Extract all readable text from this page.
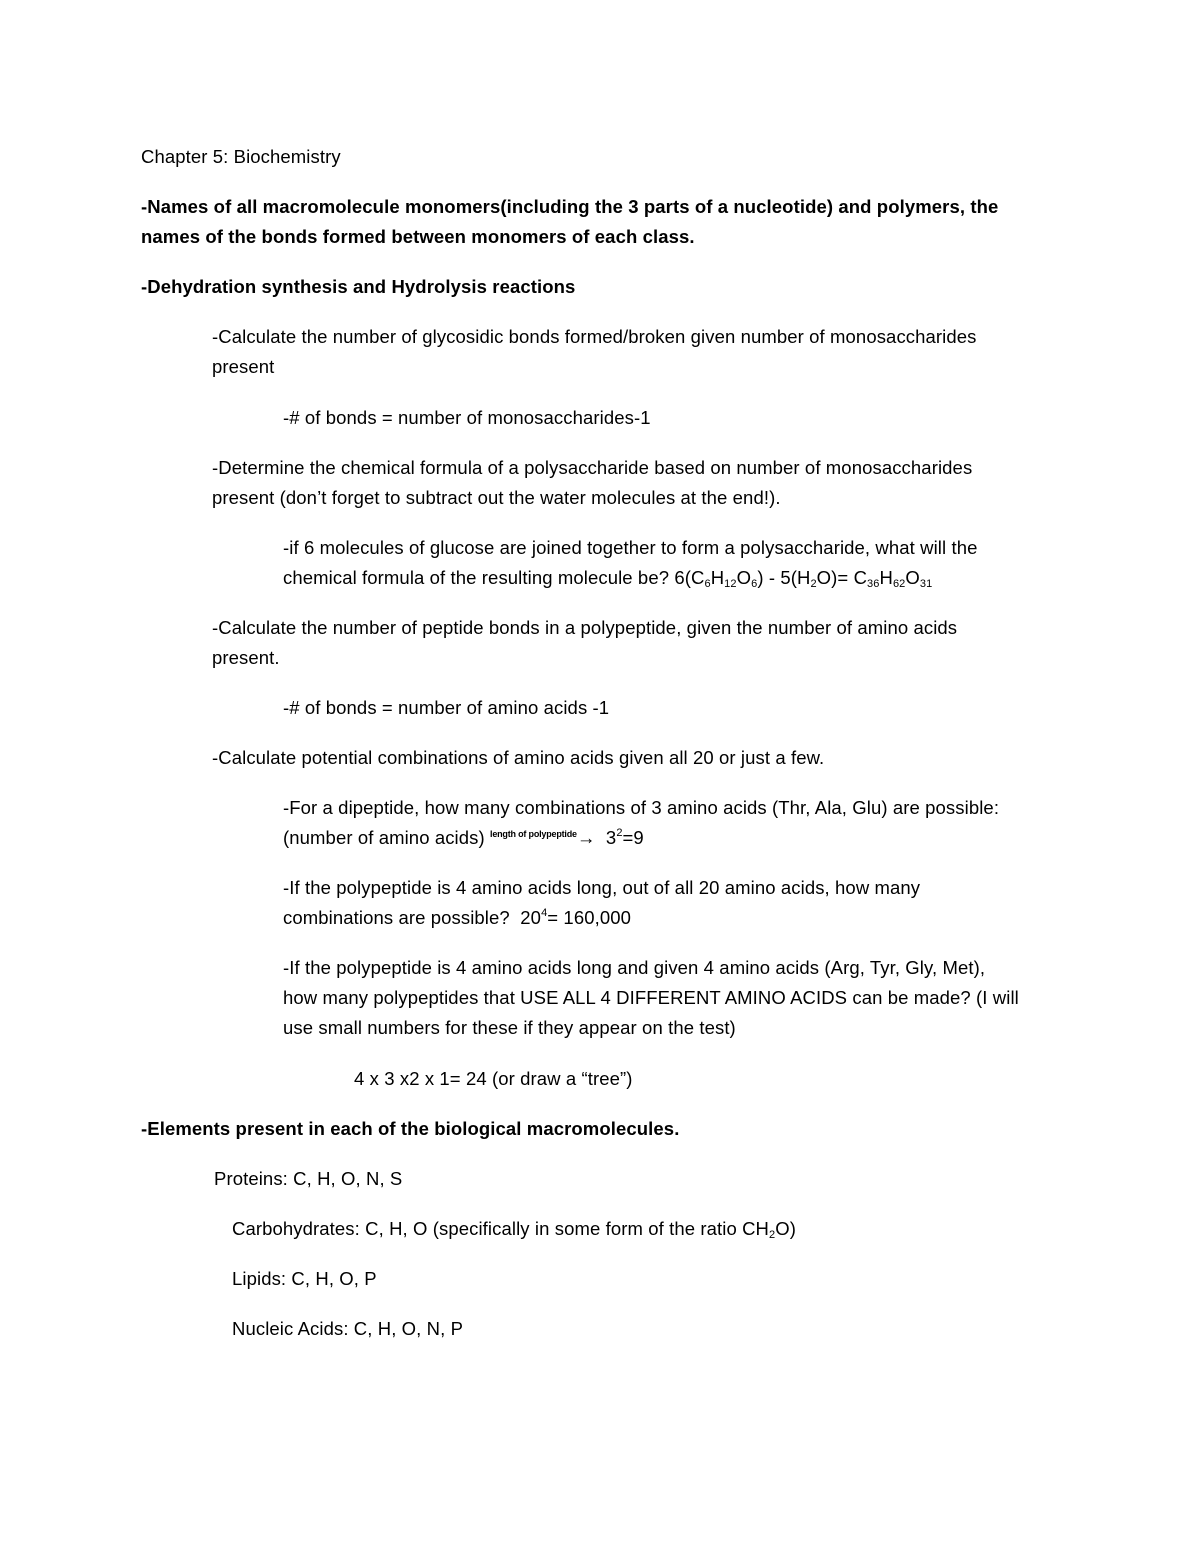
Chapter 5: Biochemistry
-Names of all macromolecule monomers(including the 3 parts of a nucleotide) and polymers, the
names of the bonds formed between monomers of each class.
-Dehydration synthesis and Hydrolysis reactions
-Calculate the number of glycosidic bonds formed/broken given number of monosaccharides
present
-# of bonds = number of monosaccharides-1
-Determine the chemical formula of a polysaccharide based on number of monosaccharides
present (don’t forget to subtract out the water molecules at the end!).
-if 6 molecules of glucose are joined together to form a polysaccharide, what will the
chemical formula of the resulting molecule be? $6(C_6H_{12}O_6) - 5(H_2O)= C_{36}H_{62}O_{31}$
-Calculate the number of peptide bonds in a polypeptide, given the number of amino acids
present.
-# of bonds = number of amino acids -1
-Calculate potential combinations of amino acids given all 20 or just a few.
-For a dipeptide, how many combinations of 3 amino acids (Thr, Ala, Glu) are possible:
(number of amino acids) $^{length of polypeptide}\to 3^2=9$
-If the polypeptide is 4 amino acids long, out of all 20 amino acids, how many
combinations are possible? $20^4= 160,000$
-If the polypeptide is 4 amino acids long and given 4 amino acids (Arg, Tyr, Gly, Met),
how many polypeptides that USE ALL 4 DIFFERENT AMINO ACIDS can be made? (I will
use small numbers for these if they appear on the test)
4 x 3 x2 x 1= 24 (or draw a “tree”)
-Elements present in each of the biological macromolecules.
Proteins: C, H, O, N, S
Carbohydrates: C, H, O (specifically in some form of the ratio $CH_2O$)
Lipids: C, H, O, P
Nucleic Acids: C, H, O, N, P
